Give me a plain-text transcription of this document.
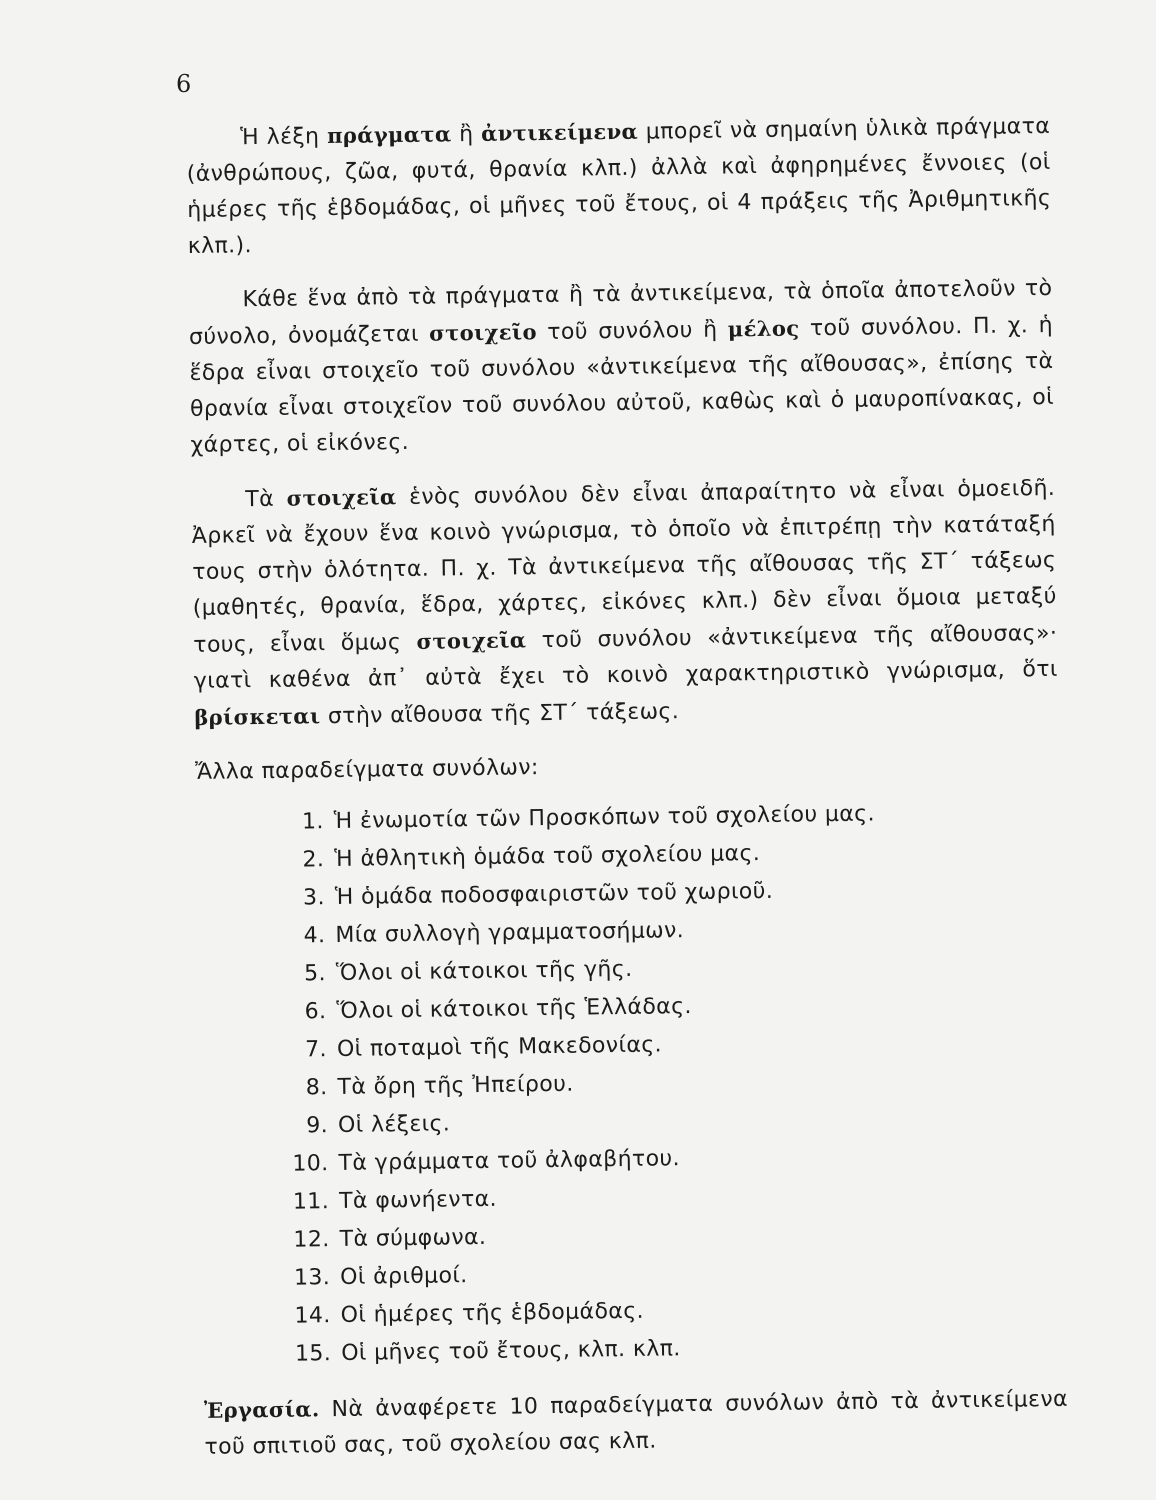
6

Ἡ λέξη πράγματα ἢ ἀντικείμενα μπορεῖ νὰ σημαίνη ὑλικὰ πράγματα (ἀνθρώπους, ζῶα, φυτά, θρανία κλπ.) ἀλλὰ καὶ ἀφηρημένες ἔννοιες (οἱ ἡμέρες τῆς ἑβδομάδας, οἱ μῆνες τοῦ ἔτους, οἱ 4 πράξεις τῆς Ἀριθμητικῆς κλπ.).

Κάθε ἕνα ἀπὸ τὰ πράγματα ἢ τὰ ἀντικείμενα, τὰ ὁποῖα ἀποτελοῦν τὸ σύνολο, ὀνομάζεται στοιχεῖο τοῦ συνόλου ἢ μέλος τοῦ συνόλου. Π. χ. ἡ ἕδρα εἶναι στοιχεῖο τοῦ συνόλου «ἀντικείμενα τῆς αἴθουσας», ἐπίσης τὰ θρανία εἶναι στοιχεῖον τοῦ συνόλου αὐτοῦ, καθὼς καὶ ὁ μαυροπίνακας, οἱ χάρτες, οἱ εἰκόνες.

Τὰ στοιχεῖα ἑνὸς συνόλου δὲν εἶναι ἀπαραίτητο νὰ εἶναι ὁμοειδῆ. Ἀρκεῖ νὰ ἔχουν ἕνα κοινὸ γνώρισμα, τὸ ὁποῖο νὰ ἐπιτρέπῃ τὴν κατάταξή τους στὴν ὁλότητα. Π. χ. Τὰ ἀντικείμενα τῆς αἴθουσας τῆς ΣΤ΄ τάξεως (μαθητές, θρανία, ἕδρα, χάρτες, εἰκόνες κλπ.) δὲν εἶναι ὅμοια μεταξύ τους, εἶναι ὅμως στοιχεῖα τοῦ συνόλου «ἀντικείμενα τῆς αἴθουσας»· γιατὶ καθένα ἀπ᾽ αὐτὰ ἔχει τὸ κοινὸ χαρακτηριστικὸ γνώρισμα, ὅτι βρίσκεται στὴν αἴθουσα τῆς ΣΤ΄ τάξεως.

Ἄλλα παραδείγματα συνόλων:
1. Ἡ ἐνωμοτία τῶν Προσκόπων τοῦ σχολείου μας.
2. Ἡ ἀθλητικὴ ὁμάδα τοῦ σχολείου μας.
3. Ἡ ὁμάδα ποδοσφαιριστῶν τοῦ χωριοῦ.
4. Μία συλλογὴ γραμματοσήμων.
5. Ὅλοι οἱ κάτοικοι τῆς γῆς.
6. Ὅλοι οἱ κάτοικοι τῆς Ἑλλάδας.
7. Οἱ ποταμοὶ τῆς Μακεδονίας.
8. Τὰ ὄρη τῆς Ἠπείρου.
9. Οἱ λέξεις.
10. Τὰ γράμματα τοῦ ἀλφαβήτου.
11. Τὰ φωνήεντα.
12. Τὰ σύμφωνα.
13. Οἱ ἀριθμοί.
14. Οἱ ἡμέρες τῆς ἑβδομάδας.
15. Οἱ μῆνες τοῦ ἔτους, κλπ. κλπ.

Ἐργασία. Νὰ ἀναφέρετε 10 παραδείγματα συνόλων ἀπὸ τὰ ἀντικείμενα τοῦ σπιτιοῦ σας, τοῦ σχολείου σας κλπ.
